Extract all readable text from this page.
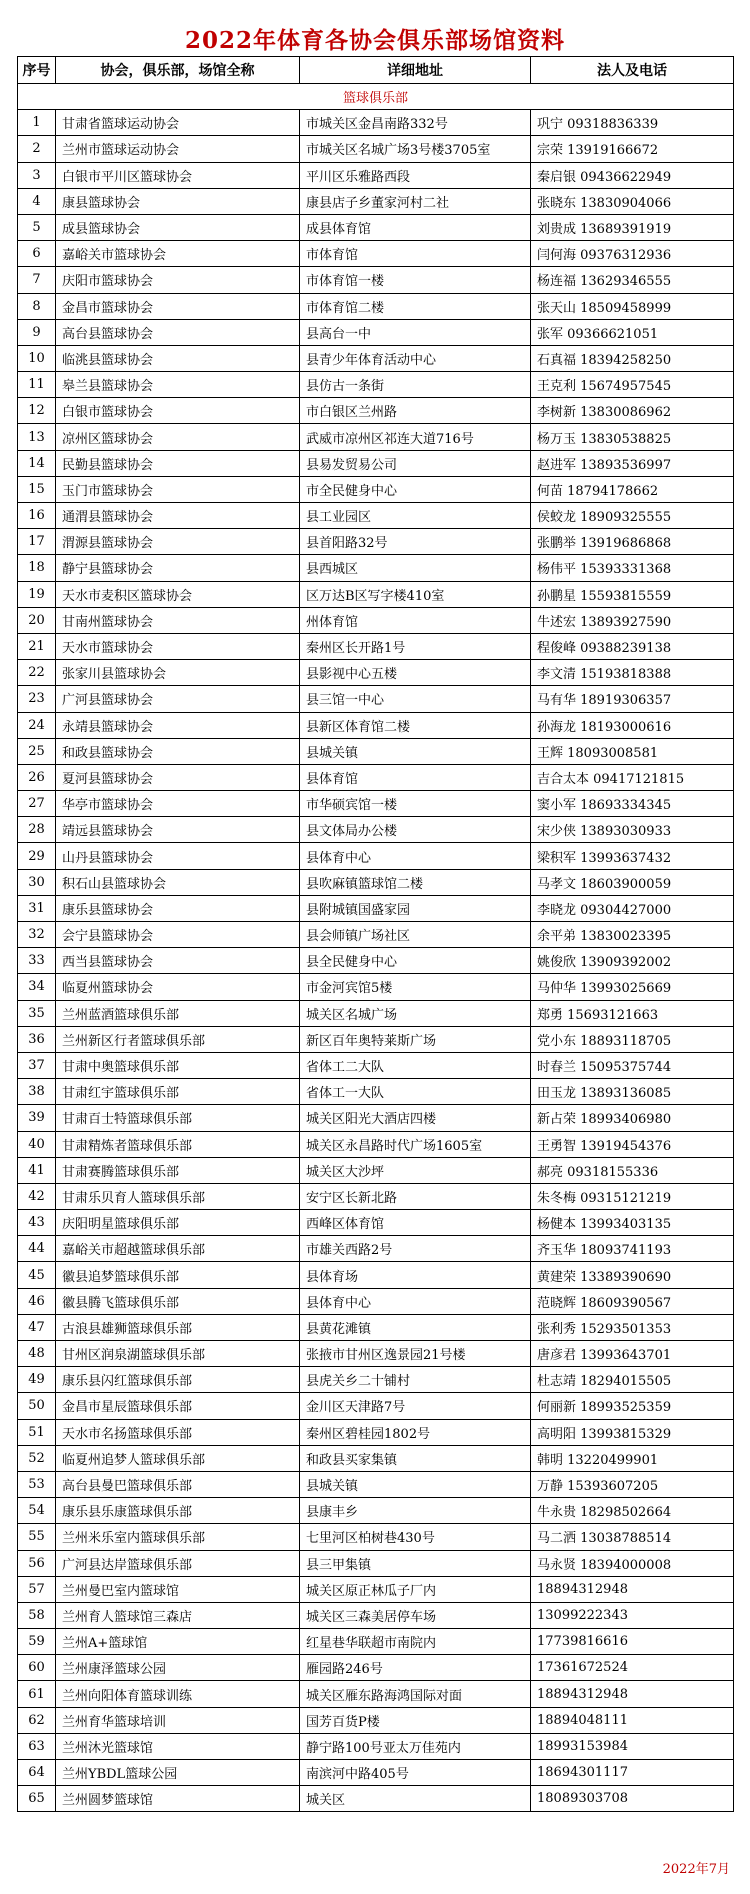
2022年体育各协会俱乐部场馆资料
序号	协会，俱乐部，场馆全称	详细地址	法人及电话
篮球俱乐部			
1	甘肃省篮球运动协会	市城关区金昌南路332号	巩宁 09318836339
2	兰州市篮球运动协会	市城关区名城广场3号楼3705室	宗荣 13919166672
3	白银市平川区篮球协会	平川区乐雅路西段	秦启银 09436622949
4	康县篮球协会	康县店子乡董家河村二社	张晓东 13830904066
5	成县篮球协会	成县体育馆	刘贵成 13689391919
6	嘉峪关市篮球协会	市体育馆	闫何海 09376312936
7	庆阳市篮球协会	市体育馆一楼	杨连福 13629346555
8	金昌市篮球协会	市体育馆二楼	张天山 18509458999
9	高台县篮球协会	县高台一中	张军 09366621051
10	临洮县篮球协会	县青少年体育活动中心	石真福 18394258250
11	皋兰县篮球协会	县仿古一条街	王克利 15674957545
12	白银市篮球协会	市白银区兰州路	李树新 13830086962
13	凉州区篮球协会	武威市凉州区祁连大道716号	杨万玉 13830538825
14	民勤县篮球协会	县易发贸易公司	赵进军 13893536997
15	玉门市篮球协会	市全民健身中心	何苗 18794178662
16	通渭县篮球协会	县工业园区	侯蛟龙 18909325555
17	渭源县篮球协会	县首阳路32号	张鹏举 13919686868
18	静宁县篮球协会	县西城区	杨伟平 15393331368
19	天水市麦积区篮球协会	区万达B区写字楼410室	孙鹏星 15593815559
20	甘南州篮球协会	州体育馆	牛述宏 13893927590
21	天水市篮球协会	秦州区长开路1号	程俊峰 09388239138
22	张家川县篮球协会	县影视中心五楼	李文清 15193818388
23	广河县篮球协会	县三馆一中心	马有华 18919306357
24	永靖县篮球协会	县新区体育馆二楼	孙海龙 18193000616
25	和政县篮球协会	县城关镇	王辉 18093008581
26	夏河县篮球协会	县体育馆	吉合太本 09417121815
27	华亭市篮球协会	市华硕宾馆一楼	窦小军 18693334345
28	靖远县篮球协会	县文体局办公楼	宋少侠 13893030933
29	山丹县篮球协会	县体育中心	梁积军 13993637432
30	积石山县篮球协会	县吹麻镇篮球馆二楼	马孝文 18603900059
31	康乐县篮球协会	县附城镇国盛家园	李晓龙 09304427000
32	会宁县篮球协会	县会师镇广场社区	余平弟 13830023395
33	西当县篮球协会	县全民健身中心	姚俊欣 13909392002
34	临夏州篮球协会	市金河宾馆5楼	马仲华 13993025669
35	兰州蓝酒篮球俱乐部	城关区名城广场	郑勇 15693121663
36	兰州新区行者篮球俱乐部	新区百年奥特莱斯广场	党小东 18893118705
37	甘肃中奥篮球俱乐部	省体工二大队	时春兰 15095375744
38	甘肃红宇篮球俱乐部	省体工一大队	田玉龙 13893136085
39	甘肃百士特篮球俱乐部	城关区阳光大酒店四楼	新占荣 18993406980
40	甘肃精炼者篮球俱乐部	城关区永昌路时代广场1605室	王勇智 13919454376
41	甘肃赛腾篮球俱乐部	城关区大沙坪	郝亮 09318155336
42	甘肃乐贝育人篮球俱乐部	安宁区长新北路	朱冬梅 09315121219
43	庆阳明星篮球俱乐部	西峰区体育馆	杨健本 13993403135
44	嘉峪关市超越篮球俱乐部	市雄关西路2号	齐玉华 18093741193
45	徽县追梦篮球俱乐部	县体育场	黄建荣 13389390690
46	徽县腾飞篮球俱乐部	县体育中心	范晓辉 18609390567
47	古浪县雄狮篮球俱乐部	县黄花滩镇	张利秀 15293501353
48	甘州区润泉湖篮球俱乐部	张掖市甘州区逸景园21号楼	唐彦君 13993643701
49	康乐县闪红篮球俱乐部	县虎关乡二十铺村	杜志靖 18294015505
50	金昌市星辰篮球俱乐部	金川区天津路7号	何丽新 18993525359
51	天水市名扬篮球俱乐部	秦州区碧桂园1802号	高明阳 13993815329
52	临夏州追梦人篮球俱乐部	和政县买家集镇	韩明 13220499901
53	高台县曼巴篮球俱乐部	县城关镇	万静 15393607205
54	康乐县乐康篮球俱乐部	县康丰乡	牛永贵 18298502664
55	兰州米乐室内篮球俱乐部	七里河区柏树巷430号	马二洒 13038788514
56	广河县达岸篮球俱乐部	县三甲集镇	马永贤 18394000008
57	兰州曼巴室内篮球馆	城关区原正林瓜子厂内	18894312948
58	兰州育人篮球馆三森店	城关区三森美居停车场	13099222343
59	兰州A+篮球馆	红星巷华联超市南院内	17739816616
60	兰州康泽篮球公园	雁园路246号	17361672524
61	兰州向阳体育篮球训练	城关区雁东路海鸿国际对面	18894312948
62	兰州育华篮球培训	国芳百货P楼	18894048111
63	兰州沐光篮球馆	静宁路100号亚太万佳苑内	18993153984
64	兰州YBDL篮球公园	南滨河中路405号	18694301117
65	兰州圆梦篮球馆	城关区	18089303708
2022年7月
